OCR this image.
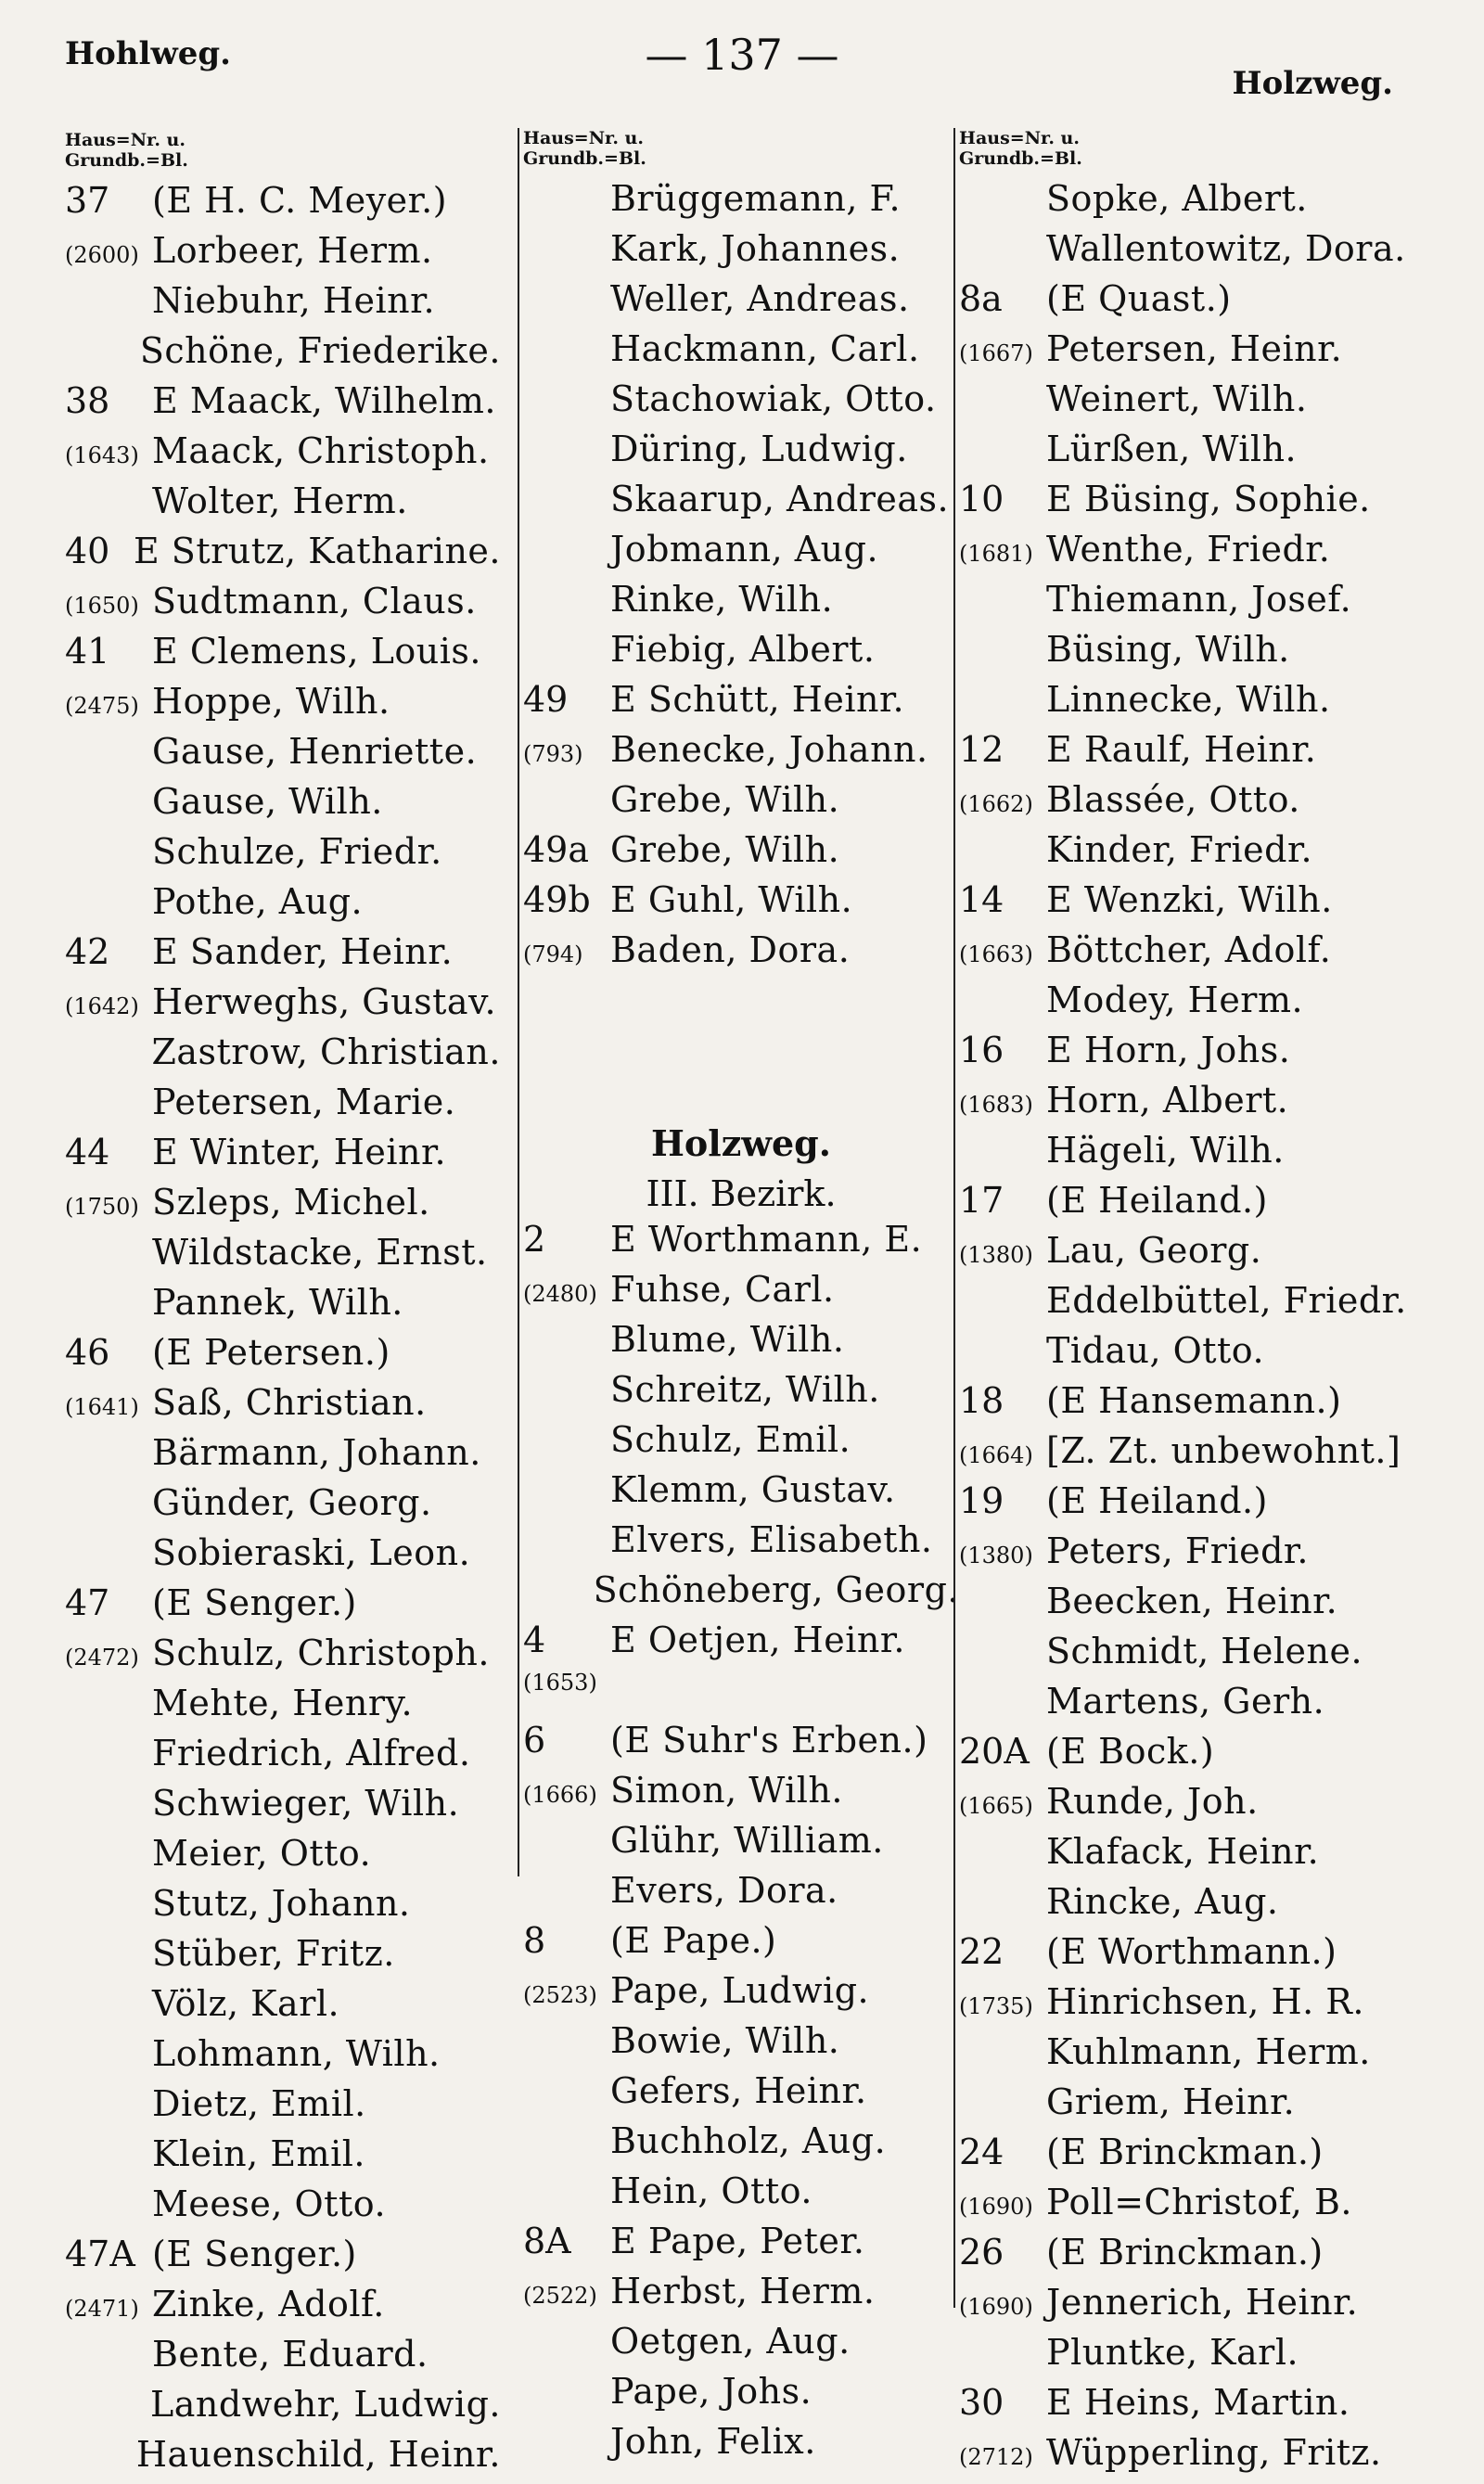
Hohlweg.	— 137 —
Holzweg.
Haus=Nr. u.
Grundb.=Bl.
37	(E H. C. Meyer.)
(2600) Lorbeer, Herm.
Niebuhr, Heinr.
Schöne, Friederike.
38	E Maack, Wilhelm.
(1643) Maack, Christoph.
Wolter, Herm.
40 E Strutz, Katharine.
(1650) Sudtmann, Claus.
41	E Clemens, Louis.
(2475) Hoppe, Wilh.
Gause, Henriette.
Gause, Wilh.
Schulze, Friedr.
Pothe, Aug.
42	E Sander, Heinr.
(1642) Herweghs, Gustav.
Zastrow, Christian.
Petersen, Marie.
44	E Winter, Heinr.
(1750) Szleps, Michel.
Wildstacke, Ernst.
Pannek, Wilh.
46	(E Petersen.)
(1641) Saß, Christian.
Bärmann, Johann.
Günder, Georg.
Sobieraski, Leon.
47	(E Senger.)
(2472) Schulz, Christoph.
Mehte, Henry.
Friedrich, Alfred.
Schwieger, Wilh.
Meier, Otto.
Stutz, Johann.
Stüber, Fritz.
Völz, Karl.
Lohmann, Wilh.
Dietz, Emil.
Klein, Emil.
Meese, Otto.
47A (E Senger.)
(2471) Zinke, Adolf.
Bente, Eduard.
Landwehr, Ludwig.
Hauenschild, Heinr.
Haus=Nr. u.
Grundb.=Bl.
Brüggemann, F.
Kark, Johannes.
Weller, Andreas.
Hackmann, Carl.
Stachowiak, Otto.
Düring, Ludwig.
Skaarup, Andreas.
Jobmann, Aug.
Rinke, Wilh.
Fiebig, Albert.
49	E Schütt, Heinr.
(793) Benecke, Johann.
Grebe, Wilh.
49a Grebe, Wilh.
49b E Guhl, Wilh.
(794) Baden, Dora.
Holzweg.
III. Bezirk.
2	E Worthmann, E.
(2480) Fuhse, Carl.
Blume, Wilh.
Schreitz, Wilh.
Schulz, Emil.
Klemm, Gustav.
Elvers, Elisabeth.
Schöneberg, Georg.
4	E Oetjen, Heinr.
(1653)
6	(E Suhr's Erben.)
(1666) Simon, Wilh.
Glühr, William.
Evers, Dora.
8	(E Pape.)
(2523) Pape, Ludwig.
Bowie, Wilh.
Gefers, Heinr.
Buchholz, Aug.
Hein, Otto.
8A	E Pape, Peter.
(2522) Herbst, Herm.
Oetgen, Aug.
Pape, Johs.
John, Felix.
Haus=Nr. u.
Grundb.=Bl.
Sopke, Albert.
Wallentowitz, Dora.
8a	(E Quast.)
(1667) Petersen, Heinr.
Weinert, Wilh.
Lürßen, Wilh.
10	E Büsing, Sophie.
(1681) Wenthe, Friedr.
Thiemann, Josef.
Büsing, Wilh.
Linnecke, Wilh.
12	E Raulf, Heinr.
(1662) Blassée, Otto.
Kinder, Friedr.
14	E Wenzki, Wilh.
(1663) Böttcher, Adolf.
Modey, Herm.
16	E Horn, Johs.
(1683) Horn, Albert.
Hägeli, Wilh.
17	(E Heiland.)
(1380) Lau, Georg.
Eddelbüttel, Friedr.
Tidau, Otto.
18	(E Hansemann.)
(1664) [Z. Zt. unbewohnt.]
19	(E Heiland.)
(1380) Peters, Friedr.
Beecken, Heinr.
Schmidt, Helene.
Martens, Gerh.
20A (E Bock.)
(1665) Runde, Joh.
Klafack, Heinr.
Rincke, Aug.
22	(E Worthmann.)
(1735) Hinrichsen, H. R.
Kuhlmann, Herm.
Griem, Heinr.
24	(E Brinckman.)
(1690) Poll=Christof, B.
26	(E Brinckman.)
(1690) Jennerich, Heinr.
Pluntke, Karl.
30	E Heins, Martin.
(2712) Wüpperling, Fritz.
